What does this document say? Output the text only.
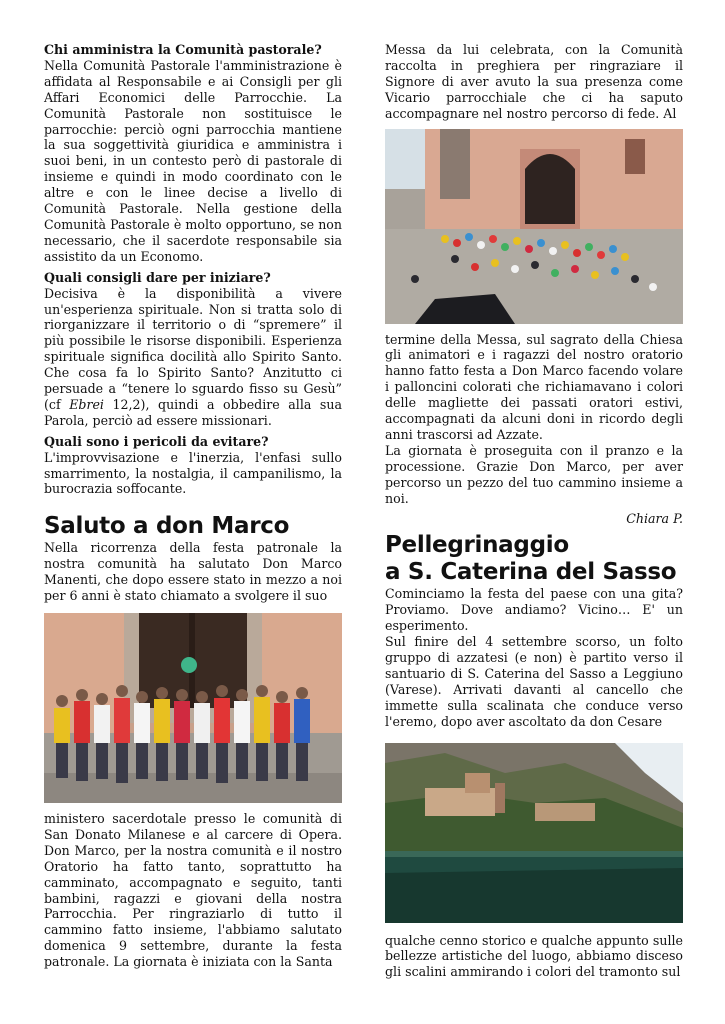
Chi amministra la Comunità pastorale?

Nella Comunità Pastorale l'amministrazione è affidata al Responsabile e ai Consigli per gli Affari Economici delle Parrocchie. La Comunità Pastorale non sostituisce le parrocchie: perciò ogni parrocchia mantiene la sua soggettività giuridica e amministra i suoi beni, in un contesto però di pastorale di insieme e quindi in modo coordinato con le altre e con le linee decise a livello di Comunità Pastorale. Nella gestione della Comunità Pastorale è molto opportuno, se non necessario, che il sacerdote responsabile sia assistito da un Economo.

Quali consigli dare per iniziare?

Decisiva è la disponibilità a vivere un'esperienza spirituale. Non si tratta solo di riorganizzare il territorio o di “spremere” il più possibile le risorse disponibili. Esperienza spirituale significa docilità allo Spirito Santo. Che cosa fa lo Spirito Santo? Anzitutto ci persuade a “tenere lo sguardo fisso su Gesù” (cf Ebrei 12,2), quindi a obbedire alla sua Parola, perciò ad essere missionari.

Quali sono i pericoli da evitare?

L'improvvisazione e l'inerzia, l'enfasi sullo smarrimento, la nostalgia, il campanilismo, la burocrazia soffocante.

Saluto a don Marco

Nella ricorrenza della festa patronale la nostra comunità ha salutato Don Marco Manenti, che dopo essere stato in mezzo a noi per 6 anni è stato chiamato a svolgere il suo

ministero sacerdotale presso le comunità di San Donato Milanese e al carcere di Opera. Don Marco, per la nostra comunità e il nostro Oratorio ha fatto tanto, soprattutto ha camminato, accompagnato e seguito, tanti bambini, ragazzi e giovani della nostra Parrocchia. Per ringraziarlo di tutto il cammino fatto insieme, l'abbiamo salutato domenica 9 settembre, durante la festa patronale. La giornata è iniziata con la Santa

Messa da lui celebrata, con la Comunità raccolta in preghiera per ringraziare il Signore di aver avuto la sua presenza come Vicario parrocchiale che ci ha saputo accompagnare nel nostro percorso di fede. Al

termine della Messa, sul sagrato della Chiesa gli animatori e i ragazzi del nostro oratorio hanno fatto festa a Don Marco facendo volare i palloncini colorati che richiamavano i colori delle magliette dei passati oratori estivi, accompagnati da alcuni doni in ricordo degli anni trascorsi ad Azzate.

La giornata è proseguita con il pranzo e la processione. Grazie Don Marco, per aver percorso un pezzo del tuo cammino insieme a noi.

Chiara P.

Pellegrinaggio
a S. Caterina del Sasso

Cominciamo la festa del paese con una gita? Proviamo. Dove andiamo? Vicino… E' un esperimento.

Sul finire del 4 settembre scorso, un folto gruppo di azzatesi (e non) è partito verso il santuario di S. Caterina del Sasso a Leggiuno (Varese). Arrivati davanti al cancello che immette sulla scalinata che conduce verso l'eremo, dopo aver ascoltato da don Cesare

qualche cenno storico e qualche appunto sulle bellezze artistiche del luogo, abbiamo disceso gli scalini ammirando i colori del tramonto sul
